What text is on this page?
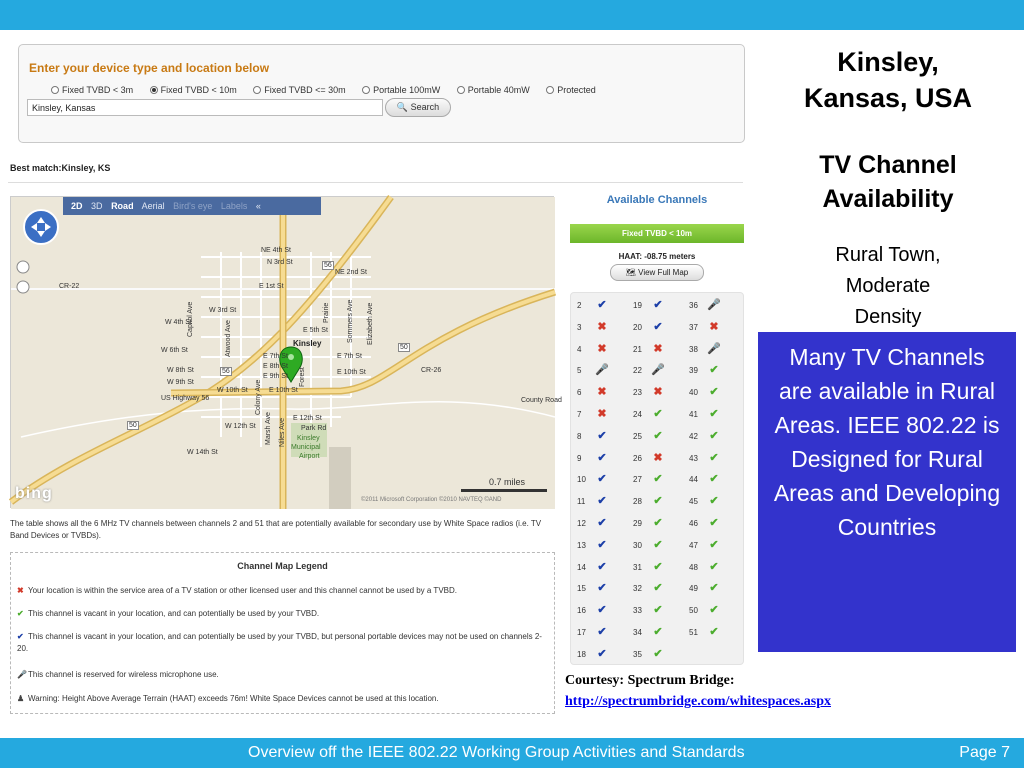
Enter your device type and location below
Fixed TVBD < 3m	Fixed TVBD < 10m	Fixed TVBD <= 30m	Portable 100mW	Portable 40mW	Protected
Kinsley, Kansas
🔍 Search
Best match:Kinsley, KS
2D 3D Road Aerial Bird's eye Labels «
NE 4th St
N 3rd St
NE 2nd St
CR-22	E 1st St
W 3rd St
W 4th St
E 5th St
W 6th St
E 7th St	E 7th St
E 8th St
E 9th St
W 8th St
W 9th St
E 10th St
E 10th St
CR-26
W 10th St
US Highway 56	County Road
E 12th St
Park Rd
W 12th St
W 14th St
56
56
50
50
Capitol Ave
Atwood Ave
Prairie Sommers Ave Elizabeth Ave
Forest
Colony Ave
Marsh Ave Niles Ave
Kinsley
Kinsley
Municipal
Airport
0.7 miles
©2011 Microsoft Corporation ©2010 NAVTEQ ©AND
bing
The table shows all the 6 MHz TV channels between channels 2 and 51 that are potentially available for secondary use by White Space radios (i.e. TV Band Devices or TVBDs).
Channel Map Legend
✖ Your location is within the service area of a TV station or other licensed user and this channel cannot be used by a TVBD.
✔ This channel is vacant in your location, and can potentially be used by your TVBD.
✔ This channel is vacant in your location, and can potentially be used by your TVBD, but personal portable devices may not be used on channels 2-20.
🎤This channel is reserved for wireless microphone use.
♟ Warning: Height Above Average Terrain (HAAT) exceeds 76m! White Space Devices cannot be used at this location.
Available Channels
Fixed TVBD < 10m
HAAT: -08.75 meters
🗺 View Full Map
2 ✔
3 ✖
4 ✖
5 🎤
6 ✖
7 ✖
8 ✔
9 ✔
10 ✔
11 ✔
12 ✔
13 ✔
14 ✔
15 ✔
16 ✔
17 ✔
18 ✔
19 ✔
20 ✔
21 ✖
22 🎤
23 ✖
24 ✔
25 ✔
26 ✖
27 ✔
28 ✔
29 ✔
30 ✔
31 ✔
32 ✔
33 ✔
34 ✔
35 ✔
36 🎤
37 ✖
38 🎤
39 ✔
40 ✔
41 ✔
42 ✔
43 ✔
44 ✔
45 ✔
46 ✔
47 ✔
48 ✔
49 ✔
50 ✔
51 ✔
Kinsley,
Kansas, USA
TV Channel
Availability
Rural Town,
Moderate
Density
Many TV Channels are available in Rural Areas. IEEE 802.22 is Designed for Rural Areas and Developing Countries
Courtesy: Spectrum Bridge:
http://spectrumbridge.com/whitespaces.aspx
Overview off the IEEE 802.22 Working Group Activities and Standards	Page 7
